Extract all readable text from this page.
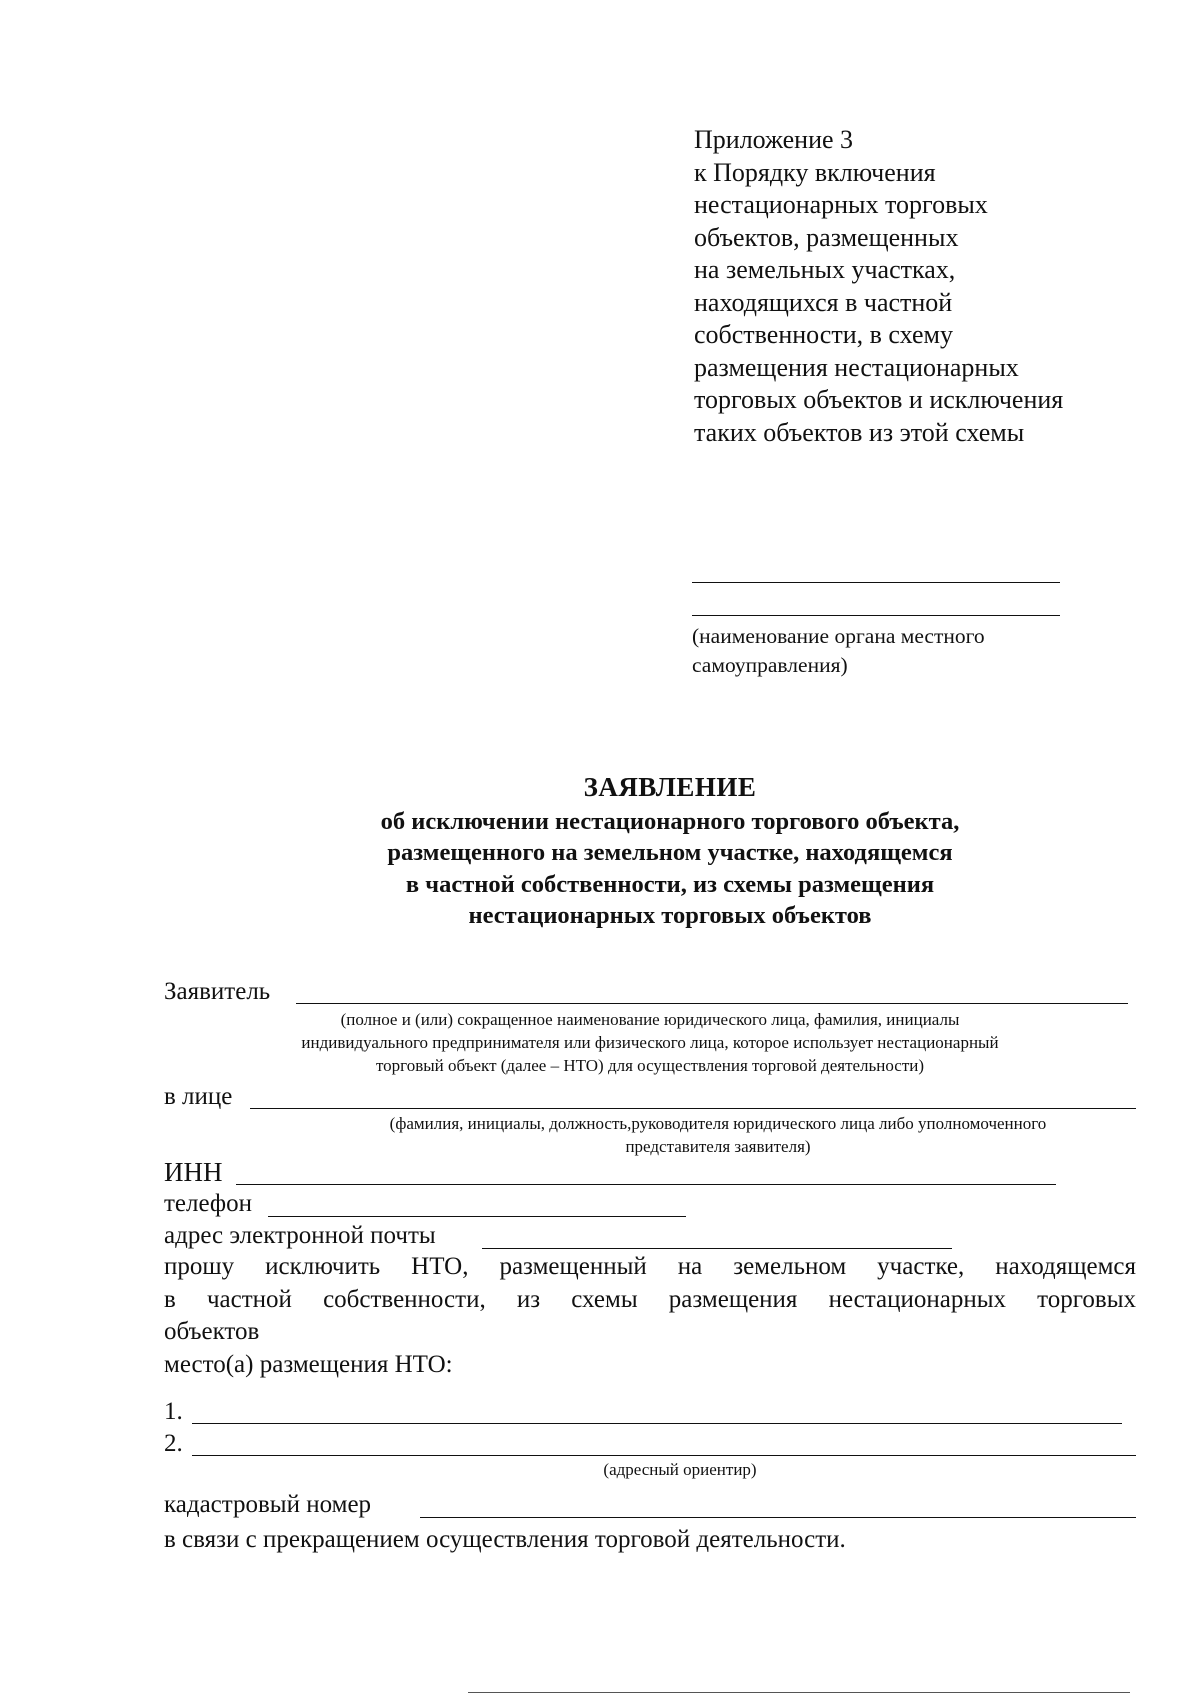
Приложение 3
к Порядку включения
нестационарных торговых
объектов, размещенных
на земельных участках,
находящихся в частной
собственности, в схему
размещения нестационарных
торговых объектов и исключения
таких объектов из этой схемы
(наименование органа местного
самоуправления)
ЗАЯВЛЕНИЕ
об исключении нестационарного торгового объекта,
размещенного на земельном участке, находящемся
в частной собственности, из схемы размещения
нестационарных торговых объектов
Заявитель
(полное и (или) сокращенное наименование юридического лица, фамилия, инициалы
индивидуального предпринимателя или физического лица, которое использует нестационарный
торговый объект (далее – НТО) для осуществления торговой деятельности)
в лице
(фамилия, инициалы, должность,руководителя юридического лица либо уполномоченного
представителя заявителя)
ИНН
телефон
адрес электронной почты
прошу исключить НТО, размещенный на земельном участке, находящемся
в частной собственности, из схемы размещения нестационарных торговых
объектов
место(а) размещения НТО:
1.
2.
(адресный ориентир)
кадастровый номер
в связи с прекращением осуществления торговой деятельности.
